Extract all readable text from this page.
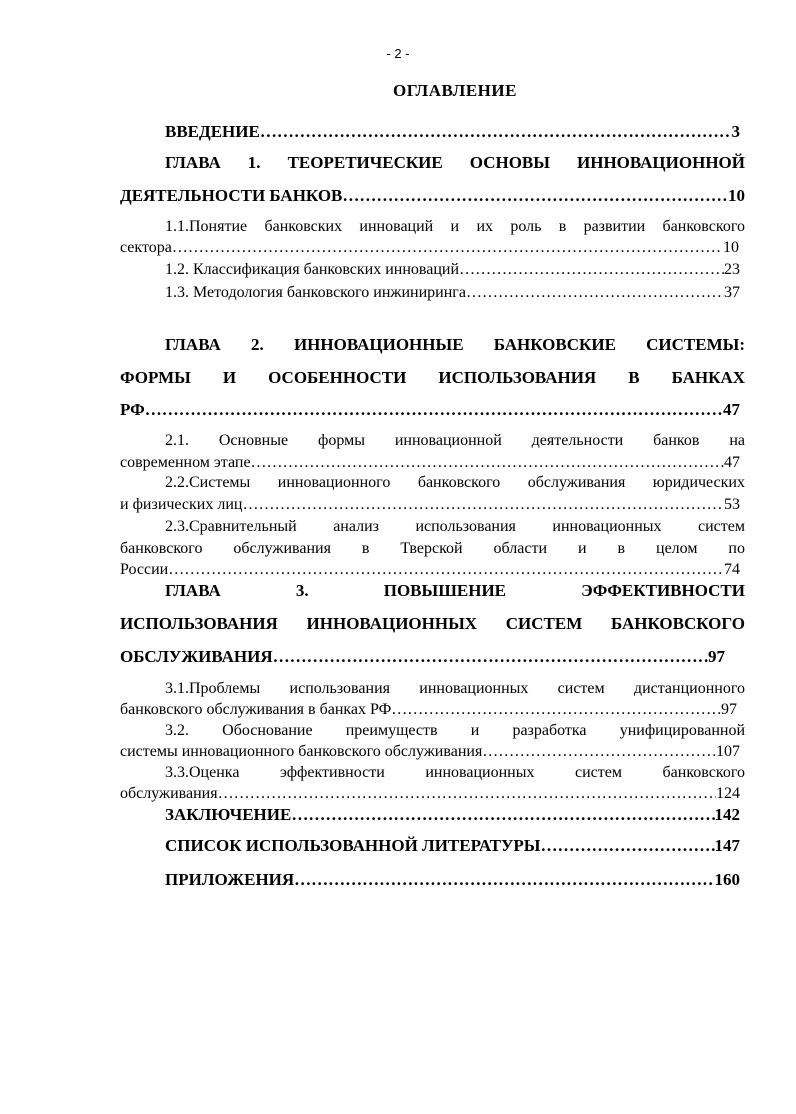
- 2 -
ОГЛАВЛЕНИЕ
ВВЕДЕНИЕ ………………………………………………………………………………………………………………………………………………………………………………	3
ГЛАВА 1. ТЕОРЕТИЧЕСКИЕ ОСНОВЫ ИННОВАЦИОННОЙ
ДЕЯТЕЛЬНОСТИ БАНКОВ ………………………………………………………………………………………………………………………………………………………………………………	10
1.1.Понятие банковских инноваций и их роль в развитии банковского
сектора ………………………………………………………………………………………………………………………………………………………………………………	10
1.2. Классификация банковских инноваций ………………………………………………………………………………………………………………………………………………………………………………	23
1.3. Методология банковского инжиниринга ………………………………………………………………………………………………………………………………………………………………………………	37
ГЛАВА 2. ИННОВАЦИОННЫЕ БАНКОВСКИЕ СИСТЕМЫ:
ФОРМЫ И ОСОБЕННОСТИ ИСПОЛЬЗОВАНИЯ В БАНКАХ
РФ ………………………………………………………………………………………………………………………………………………………………………………	47
2.1. Основные формы инновационной деятельности банков на
современном этапе ………………………………………………………………………………………………………………………………………………………………………………	47
2.2.Системы инновационного банковского обслуживания юридических
и физических лиц ………………………………………………………………………………………………………………………………………………………………………………	53
2.3.Сравнительный анализ использования инновационных систем
банковского обслуживания в Тверской области и в целом по
России ………………………………………………………………………………………………………………………………………………………………………………	74
ГЛАВА 3. ПОВЫШЕНИЕ ЭФФЕКТИВНОСТИ
ИСПОЛЬЗОВАНИЯ ИННОВАЦИОННЫХ СИСТЕМ БАНКОВСКОГО
ОБСЛУЖИВАНИЯ ………………………………………………………………………………………………………………………………………………………………………………	97
3.1.Проблемы использования инновационных систем дистанционного
банковского обслуживания в банках РФ ………………………………………………………………………………………………………………………………………………………………………………	97
3.2. Обоснование преимуществ и разработка унифицированной
системы инновационного банковского обслуживания ………………………………………………………………………………………………………………………………………………………………………………	107
3.3.Оценка эффективности инновационных систем банковского
обслуживания ………………………………………………………………………………………………………………………………………………………………………………	124
ЗАКЛЮЧЕНИЕ ………………………………………………………………………………………………………………………………………………………………………………	142
СПИСОК ИСПОЛЬЗОВАННОЙ ЛИТЕРАТУРЫ ………………………………………………………………………………………………………………………………………………………………………………	147
ПРИЛОЖЕНИЯ ………………………………………………………………………………………………………………………………………………………………………………	160
